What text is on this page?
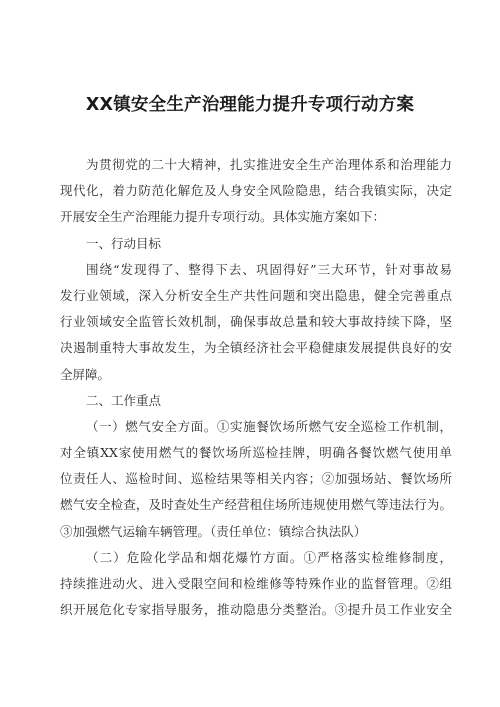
XX镇安全生产治理能力提升专项行动方案
为贯彻党的二十大精神，扎实推进安全生产治理体系和治理能力
现代化，着力防范化解危及人身安全风险隐患，结合我镇实际，决定
开展安全生产治理能力提升专项行动。具体实施方案如下：
一、行动目标
围绕“发现得了、整得下去、巩固得好”三大环节，针对事故易
发行业领域，深入分析安全生产共性问题和突出隐患，健全完善重点
行业领域安全监管长效机制，确保事故总量和较大事故持续下降，坚
决遏制重特大事故发生，为全镇经济社会平稳健康发展提供良好的安
全屏障。
二、工作重点
（一）燃气安全方面。①实施餐饮场所燃气安全巡检工作机制，
对全镇XX家使用燃气的餐饮场所巡检挂牌，明确各餐饮燃气使用单
位责任人、巡检时间、巡检结果等相关内容；②加强场站、餐饮场所
燃气安全检查，及时查处生产经营租住场所违规使用燃气等违法行为。
③加强燃气运输车辆管理。（责任单位：镇综合执法队）
（二）危险化学品和烟花爆竹方面。①严格落实检维修制度，
持续推进动火、进入受限空间和检维修等特殊作业的监督管理。②组
织开展危化专家指导服务，推动隐患分类整治。③提升员工作业安全
